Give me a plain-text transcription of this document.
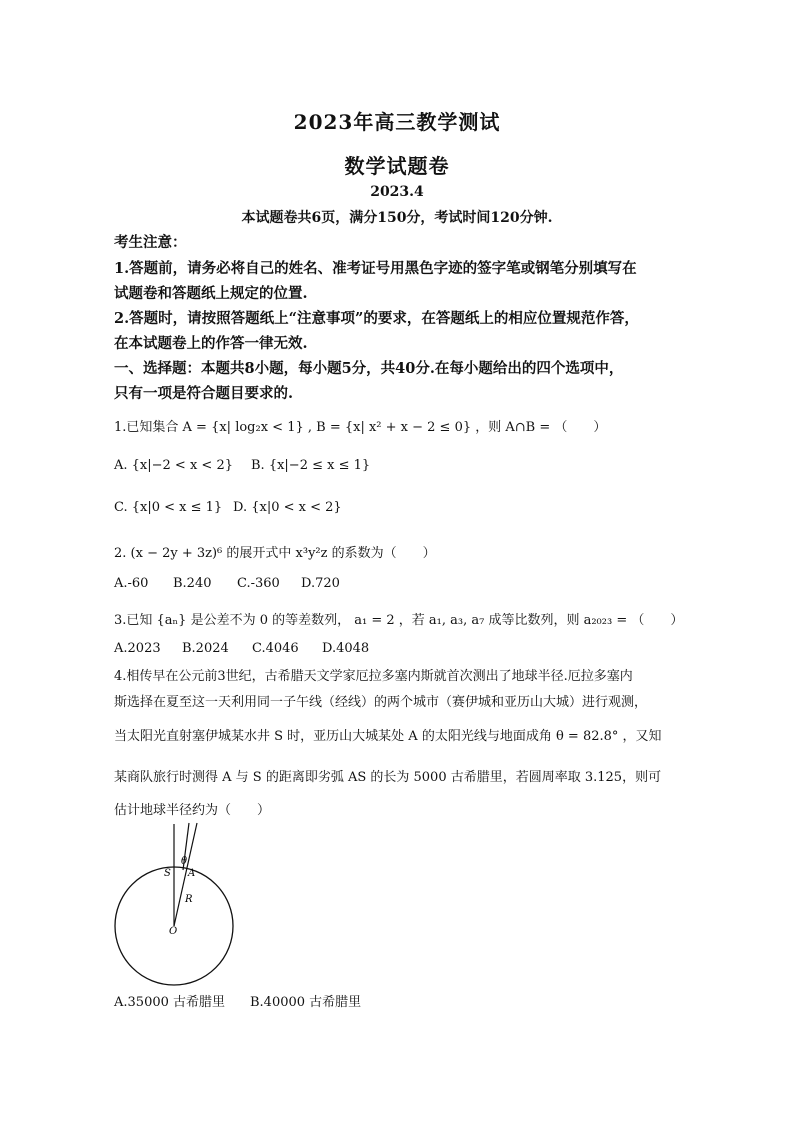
2023年高三教学测试
数学试题卷
2023.4
本试题卷共6页，满分150分，考试时间120分钟.
考生注意：
1.答题前，请务必将自己的姓名、准考证号用黑色字迹的签字笔或钢笔分别填写在
试题卷和答题纸上规定的位置.
2.答题时，请按照答题纸上“注意事项”的要求，在答题纸上的相应位置规范作答，
在本试题卷上的作答一律无效.
一、选择题：本题共8小题，每小题5分，共40分.在每小题给出的四个选项中，
只有一项是符合题目要求的.
1.已知集合 A = {x| log₂x < 1} , B = {x| x² + x − 2 ≤ 0} ，则 A∩B = （　　）
A. {x|−2 < x < 2} B. {x|−2 ≤ x ≤ 1}
C. {x|0 < x ≤ 1} D. {x|0 < x < 2}
2. (x − 2y + 3z)⁶ 的展开式中 x³y²z 的系数为（　　）
A.-60 B.240 C.-360 D.720
3.已知 {aₙ} 是公差不为 0 的等差数列， a₁ = 2 ，若 a₁, a₃, a₇ 成等比数列，则 a₂₀₂₃ = （　　）
A.2023 B.2024 C.4046 D.4048
4.相传早在公元前3世纪，古希腊天文学家厄拉多塞内斯就首次测出了地球半径.厄拉多塞内
斯选择在夏至这一天利用同一子午线（经线）的两个城市（赛伊城和亚历山大城）进行观测，
当太阳光直射塞伊城某水井 S 时，亚历山大城某处 A 的太阳光线与地面成角 θ = 82.8° ，又知
某商队旅行时测得 A 与 S 的距离即劣弧 AS 的长为 5000 古希腊里，若圆周率取 3.125，则可
估计地球半径约为（　　）
θ
S A
R
O
A.35000 古希腊里 B.40000 古希腊里
